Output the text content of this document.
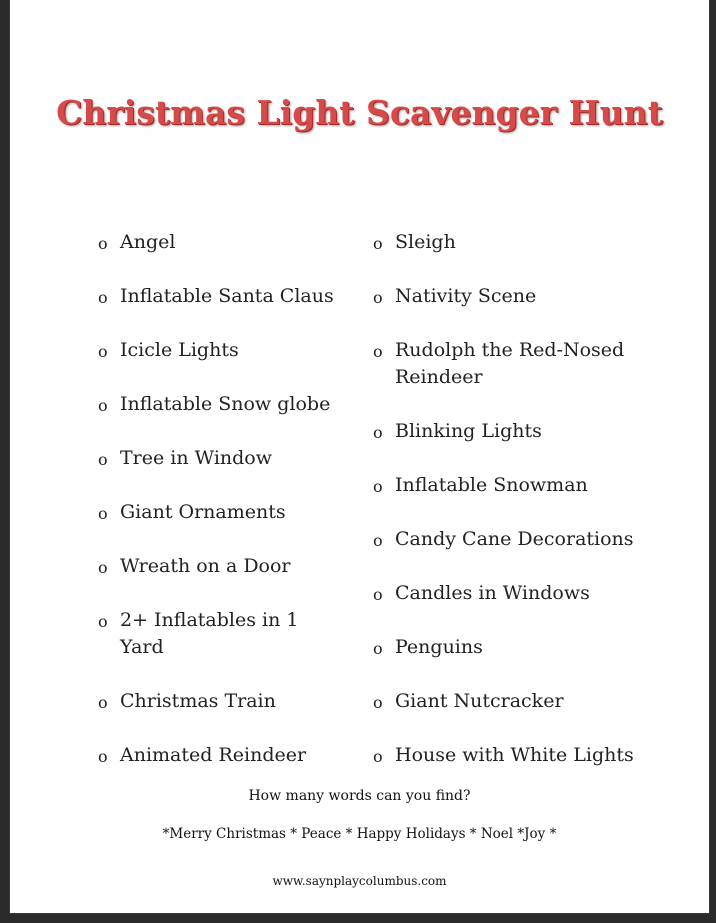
Christmas Light Scavenger Hunt
o Angel
o Inflatable Santa Claus
o Icicle Lights
o Inflatable Snow globe
o Tree in Window
o Giant Ornaments
o Wreath on a Door
o 2+ Inflatables in 1 Yard
o Christmas Train
o Animated Reindeer
o Sleigh
o Nativity Scene
o Rudolph the Red-Nosed Reindeer
o Blinking Lights
o Inflatable Snowman
o Candy Cane Decorations
o Candles in Windows
o Penguins
o Giant Nutcracker
o House with White Lights
How many words can you find?
*Merry Christmas * Peace * Happy Holidays * Noel *Joy *
www.saynplaycolumbus.com
